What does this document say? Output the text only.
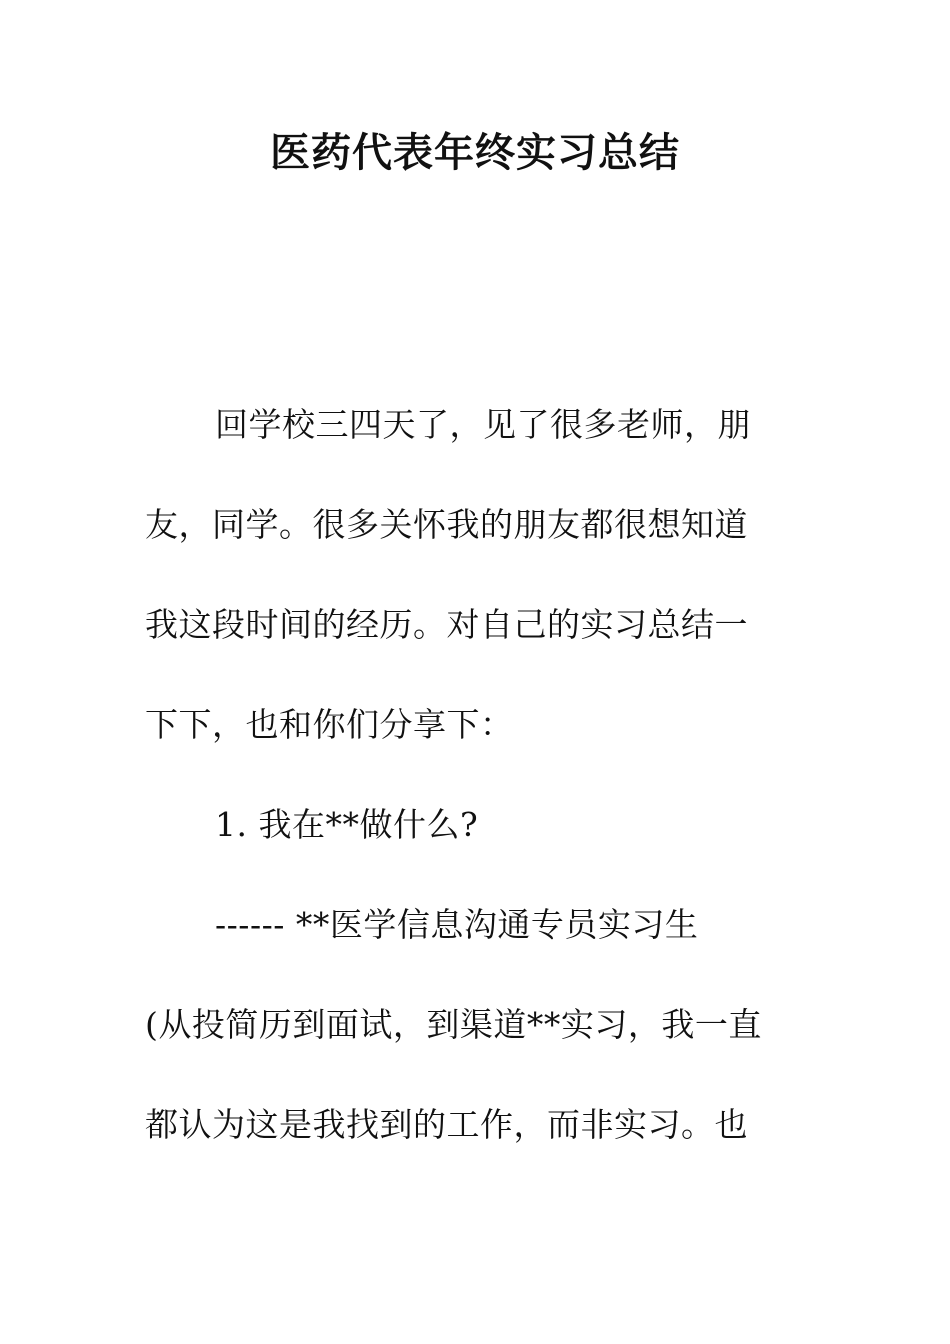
医药代表年终实习总结
回学校三四天了，见了很多老师，朋
友，同学。很多关怀我的朋友都很想知道
我这段时间的经历。对自己的实习总结一
下下，也和你们分享下：
1. 我在**做什么?
------ **医学信息沟通专员实习生
(从投简历到面试，到渠道**实习，我一直
都认为这是我找到的工作，而非实习。也
